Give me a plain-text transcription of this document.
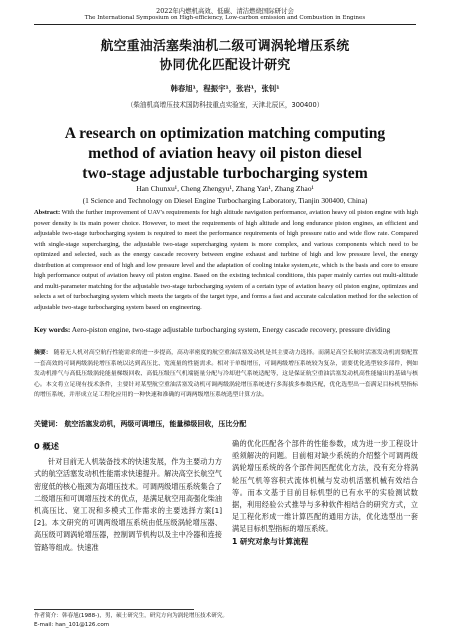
2022年内燃机高效、低碳、清洁燃烧国际研讨会
The International Symposium on High-efficiency, Low-carbon emission and Combustion in Engines
航空重油活塞柴油机二级可调涡轮增压系统
协同优化匹配设计研究
韩春旭¹，程振宇¹，张岩¹，张钊¹
（柴油机高增压技术国防科技重点实验室，天津北辰区，300400）
A research on optimization matching computing
method of aviation heavy oil piston diesel
two-stage adjustable turbocharging system
Han Chunxu¹, Cheng Zhengyu¹, Zhang Yan¹, Zhang Zhao¹
(1 Science and Technology on Diesel Engine Turbocharging Laboratory, Tianjin 300400, China)
Abstract: With the further improvement of UAV's requirements for high altitude navigation performance, aviation heavy oil piston engine with high power density is its main power choice. However, to meet the requirements of high altitude and long endurance piston engines, an efficient and adjustable two-stage turbocharging system is required to meet the performance requirements of high pressure ratio and wide flow rate. Compared with single-stage supercharging, the adjustable two-stage supercharging system is more complex, and various components which need to be optimized and selected, such as the energy cascade recovery between engine exhaust and turbine of high and low pressure level, the energy distribution at compressor end of high and low pressure level and the adaptation of cooling intake system,etc, which is the basis and core to ensure high performance output of aviation heavy oil piston engine. Based on the existing technical conditions, this paper mainly carries out multi-altitude and multi-parameter matching for the adjustable two-stage turbocharging system of a certain type of aviation heavy oil piston engine, optimizes and selects a set of turbocharging system which meets the targets of the target type, and forms a fast and accurate calculation method for the selection of adjustable two-stage turbocharging system based on engineering.
Key words: Aero-piston engine, two-stage adjustable turbocharging system, Energy cascade recovery, pressure dividing
摘要： 随着无人机对高空航行性能需求的进一步提高，高功率密度的航空重油活塞发动机是其主要动力选择。而满足高空长航时活塞发动机需要配置一套高效的可调两级涡轮增压系统以达到高压比、宽流量的性能需求。相对于单级增压，可调两级增压系统较为复杂，需要优化选型较多部件，例如发动机排气与高低压级涡轮能量梯级回收、高低压级压气机端能量分配与冷却进气系统适配等，这是保证航空重油活塞发动机高性能输出的基础与核心。本文将立足现有技术条件，主要针对某型航空重油活塞发动机可调两级涡轮增压系统进行多海拔多参数匹配，优化选型出一套满足目标机型指标的增压系统，并形成立足工程化应用的一种快速和准确的可调两级增压系统选型计算方法。
关键词： 航空活塞发动机，两级可调增压，能量梯级回收，压比分配
0 概述

针对目前无人机装备技术的快速发展，作为主要动力方式的航空活塞发动机性能需求快速提升。解决高空长航空气密度低的核心瓶颈为高增压技术。可调两级增压系统集合了二级增压和可调增压技术的优点，是满足航空用高强化柴油机高压比、宽工况和多模式工作需求的主要选择方案[1][2]。本文研究的可调两级增压系统由低压级涡轮增压器、高压级可调涡轮增压器，控制调节机构以及主中冷器和连接管路等组成。快速准

确的优化匹配各个部件的性能参数，成为进一步工程设计亟须解决的问题。目前相对缺少系统的介绍整个可调两级涡轮增压系统的各个部件间匹配优化方法，没有充分将涡轮压气机等容积式流体机械与发动机活塞机械有效结合等。而本文基于目前目标机型的已有水平的实验测试数据，利用经验公式推导与多种软件相结合的研究方式，立足工程化形成一维计算匹配的通用方法，优化选型出一套满足目标机型指标的增压系统。

1 研究对象与计算流程
作者简介：韩春旭(1988-)，男，硕士研究生，研究方向为涡轮增压技术研究。
E-mail: han_101@126.com
